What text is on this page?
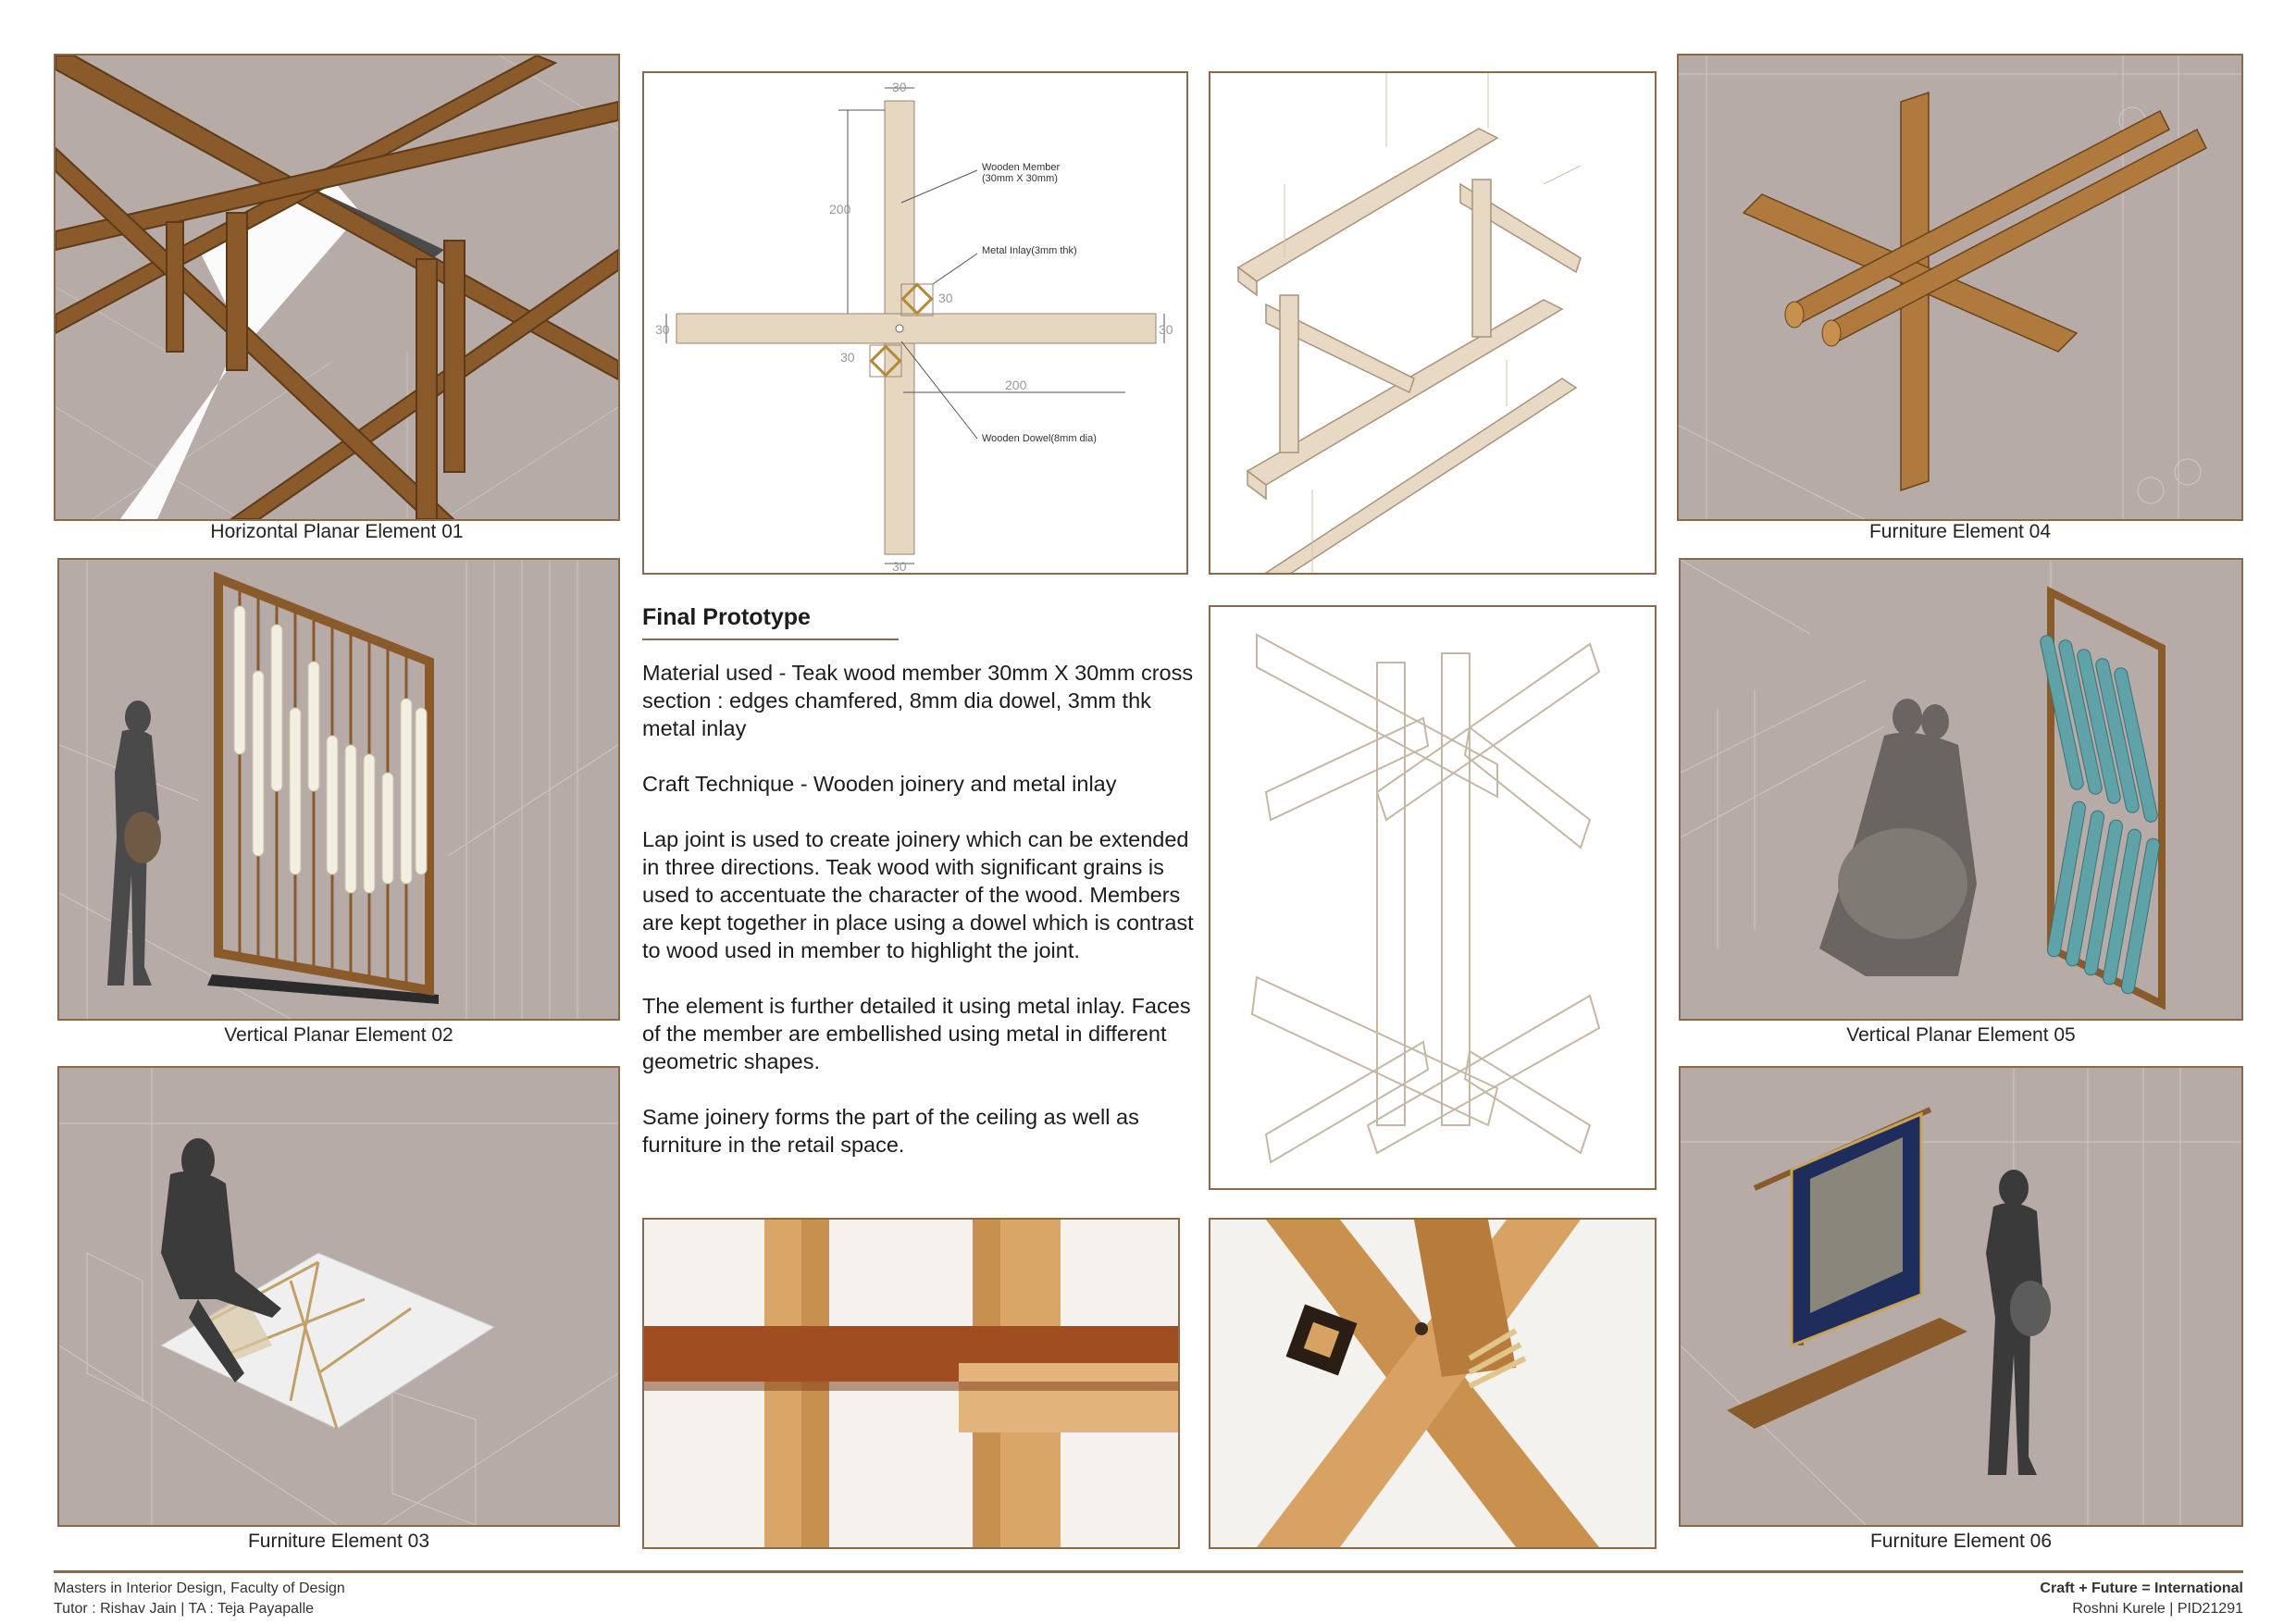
Horizontal Planar Element 01
Vertical Planar Element 02
Furniture Element 03
Wooden Member
(30mm X 30mm)
Metal Inlay(3mm thk)
Wooden Dowel(8mm dia)
30
200
30
30	30
30
200
30
Furniture Element 04
Vertical Planar Element 05
Furniture Element 06
Final Prototype

Material used - Teak wood member 30mm X 30mm cross section : edges chamfered, 8mm dia dowel, 3mm thk metal inlay

Craft Technique - Wooden joinery and metal inlay

Lap joint is used to create joinery which can be extended in three directions. Teak wood with significant grains is used to accentuate the character of the wood. Members are kept together in place using a dowel which is contrast to wood used in member to highlight the joint.

The element is further detailed it using metal inlay. Faces of the member are embellished using metal in different geometric shapes.

Same joinery forms the part of the ceiling as well as furniture in the retail space.

Masters in Interior Design, Faculty of Design
Tutor : Rishav Jain | TA : Teja Payapalle
Craft + Future = International
Roshni Kurele | PID21291
